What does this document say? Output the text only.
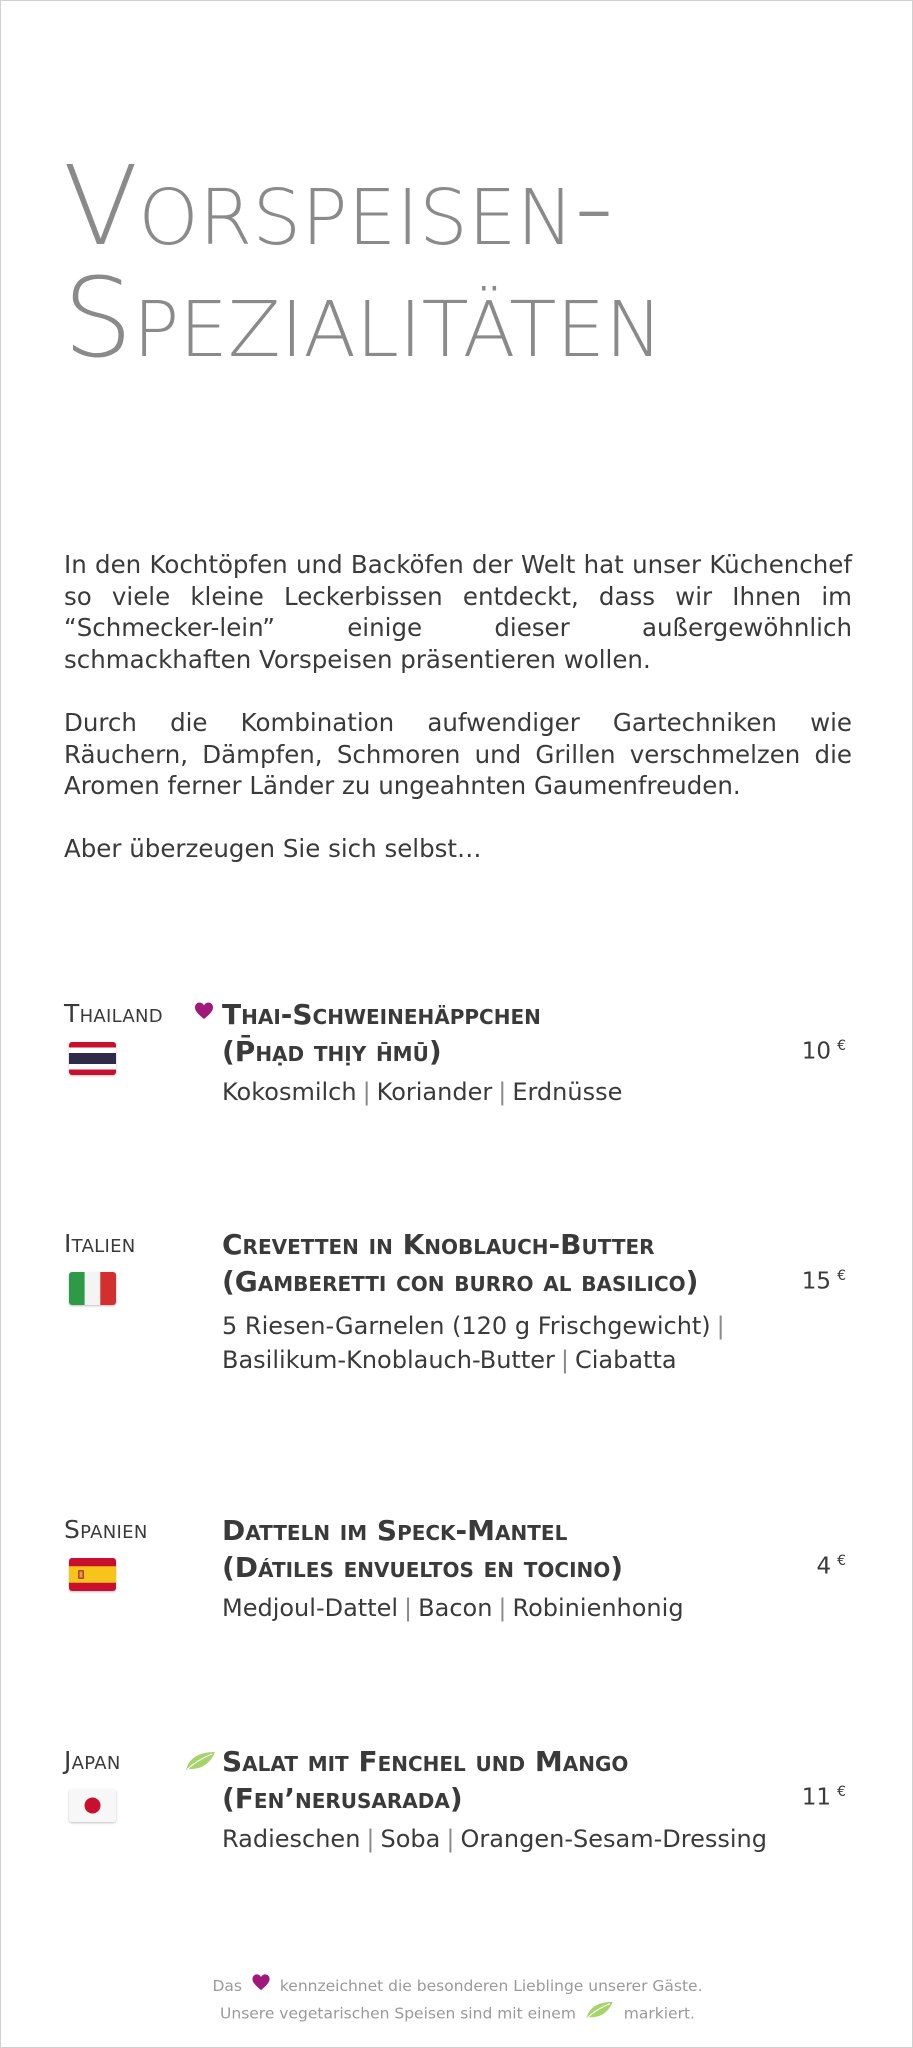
Vorspeisen-
Spezialitäten

In den Kochtöpfen und Backöfen der Welt hat unser Küchenchef so viele kleine Leckerbissen entdeckt, dass wir Ihnen im “Schmecker-lein” einige dieser außergewöhnlich schmackhaften Vorspeisen präsentieren wollen.

Durch die Kombination aufwendiger Gartechniken wie Räuchern, Dämpfen, Schmoren und Grillen verschmelzen die Aromen ferner Länder zu ungeahnten Gaumenfreuden.

Aber überzeugen Sie sich selbst…

Thailand Thai-Schweinehäppchen
(P̄hạd thịy h̄mū)	10 €
Kokosmilch | Koriander | Erdnüsse
Italien	Crevetten in Knoblauch-Butter
(Gamberetti con burro al basilico)	15 €
5 Riesen-Garnelen (120 g Frischgewicht) |
Basilikum-Knoblauch-Butter | Ciabatta
Spanien	Datteln im Speck-Mantel
(Dátiles envueltos en tocino)	4 €
Medjoul-Dattel | Bacon | Robinienhonig
Japan	Salat mit Fenchel und Mango
(Fen’nerusarada)	11 €
Radieschen | Soba | Orangen-Sesam-Dressing
Das kennzeichnet die besonderen Lieblinge unserer Gäste.
Unsere vegetarischen Speisen sind mit einem	markiert.
